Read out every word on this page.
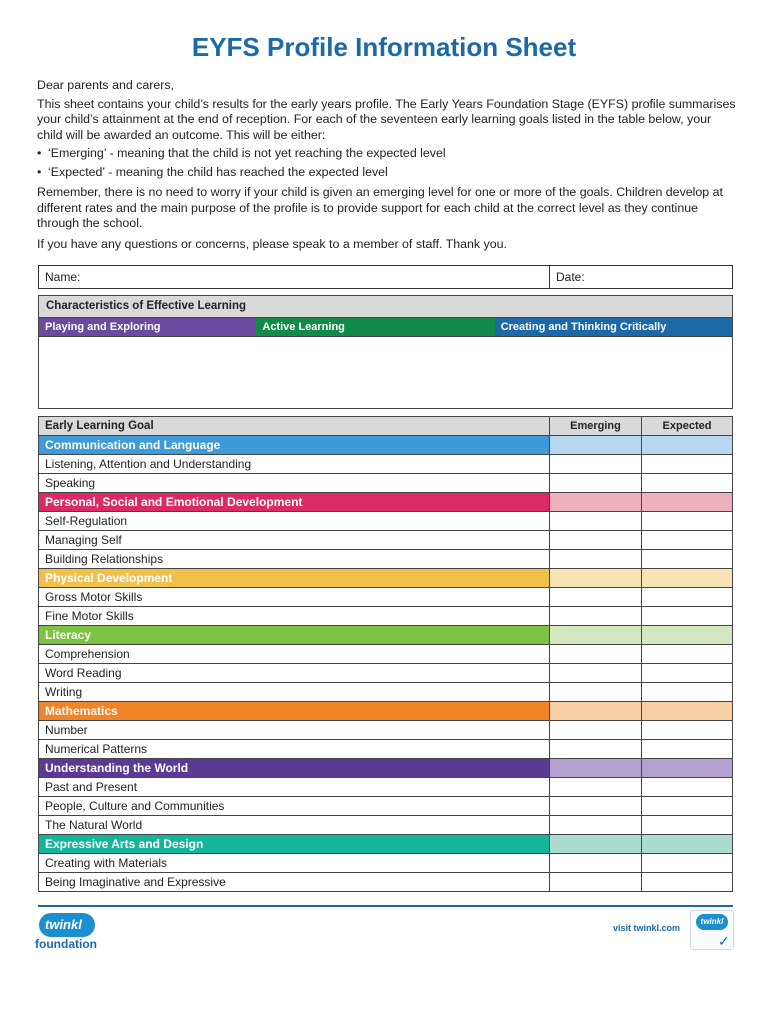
EYFS Profile Information Sheet

Dear parents and carers,

This sheet contains your child’s results for the early years profile. The Early Years Foundation Stage (EYFS) profile summarises your child’s attainment at the end of reception. For each of the seventeen early learning goals listed in the table below, your child will be awarded an outcome. This will be either:

• ‘Emerging’ - meaning that the child is not yet reaching the expected level

• ‘Expected’ - meaning the child has reached the expected level

Remember, there is no need to worry if your child is given an emerging level for one or more of the goals. Children develop at different rates and the main purpose of the profile is to provide support for each child at the correct level as they continue through the school.

If you have any questions or concerns, please speak to a member of staff. Thank you.

Name:	Date:
Characteristics of Effective Learning
Playing and Exploring	Active Learning	Creating and Thinking Critically
Early Learning Goal	Emerging	Expected
Communication and Language		
Listening, Attention and Understanding		
Speaking		
Personal, Social and Emotional Development		
Self-Regulation		
Managing Self		
Building Relationships		
Physical Development		
Gross Motor Skills		
Fine Motor Skills		
Literacy		
Comprehension		
Word Reading		
Writing		
Mathematics		
Number		
Numerical Patterns		
Understanding the World		
Past and Present		
People, Culture and Communities		
The Natural World		
Expressive Arts and Design		
Creating with Materials		
Being Imaginative and Expressive		
twinkl
foundation
visit twinkl.com
twinkl
✓
